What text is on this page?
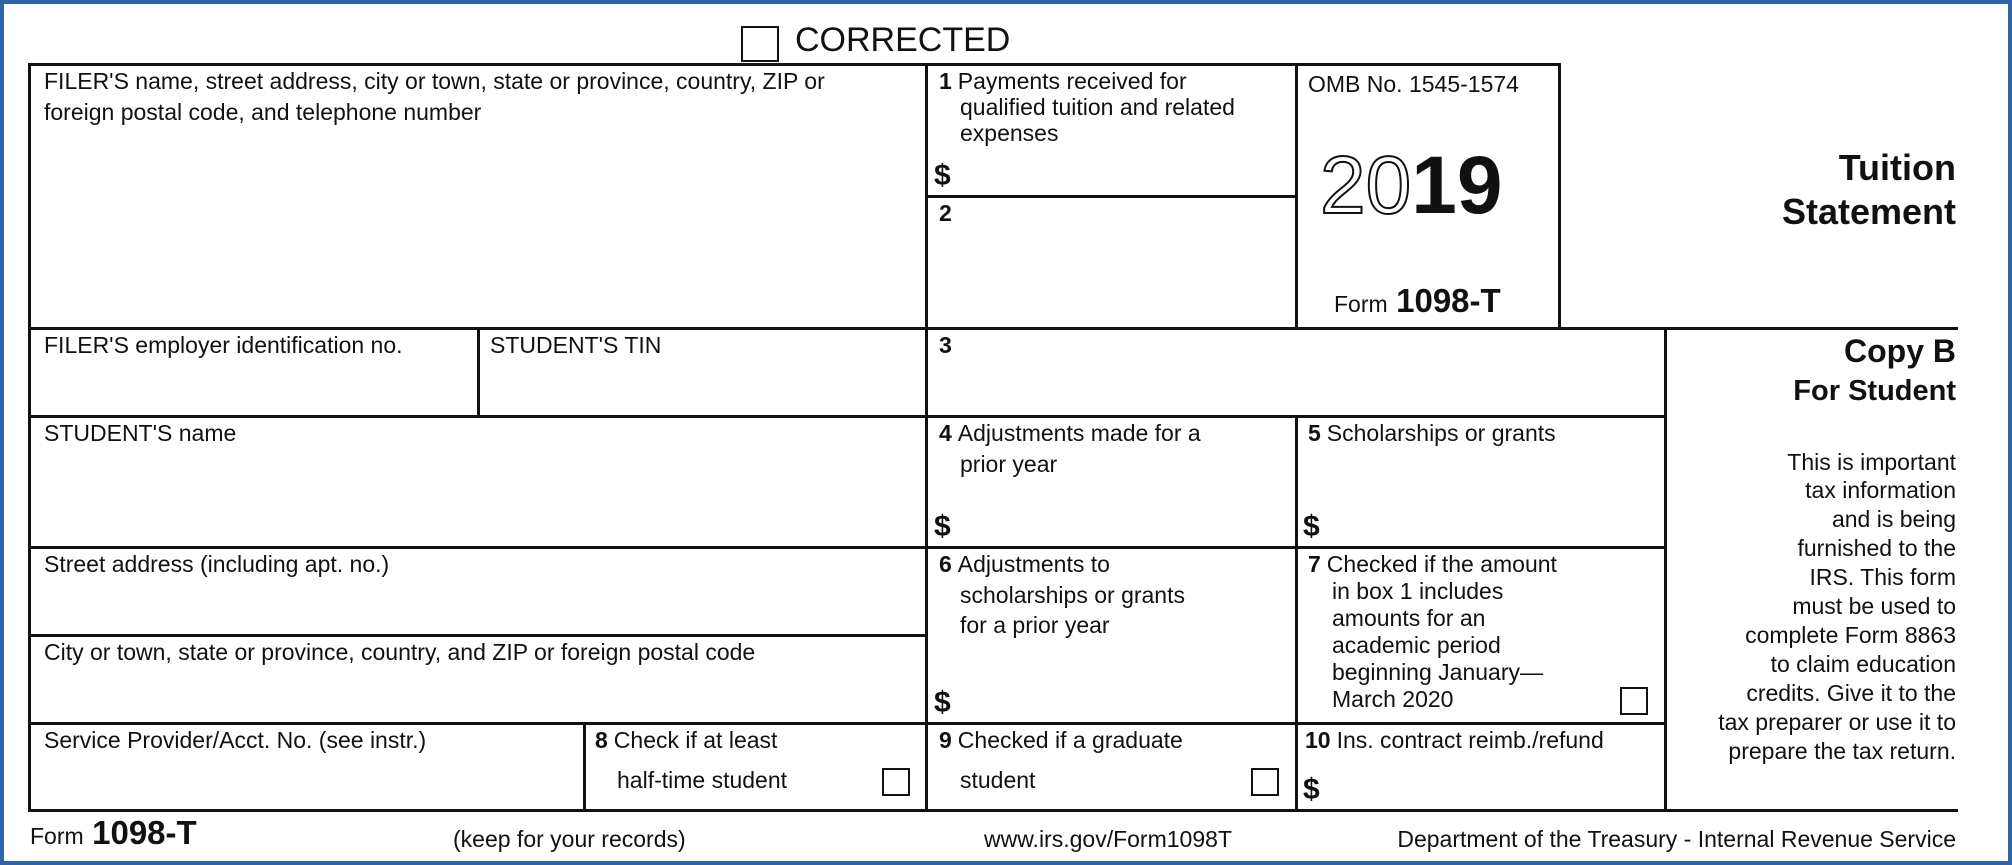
CORRECTED
FILER'S name, street address, city or town, state or province, country, ZIP or
foreign postal code, and telephone number
1 Payments received for
qualified tuition and related
expenses
$
2
OMB No. 1545-1574
2019
Form 1098-T
Tuition
Statement
FILER'S employer identification no.	STUDENT'S TIN	3	Copy B
For Student
This is important
tax information
and is being
furnished to the
IRS. This form
must be used to
complete Form 8863
to claim education
credits. Give it to the
tax preparer or use it to
prepare the tax return.
STUDENT'S name	4 Adjustments made for a
prior year
$
5 Scholarships or grants
$
Street address (including apt. no.)
City or town, state or province, country, and ZIP or foreign postal code
6 Adjustments to
scholarships or grants
for a prior year
$
7 Checked if the amount
in box 1 includes
amounts for an
academic period
beginning January—
March 2020
Service Provider/Acct. No. (see instr.)	8 Check if at least
half-time student
9 Checked if a graduate
student
10 Ins. contract reimb./refund
$
Form 1098-T	(keep for your records)	www.irs.gov/Form1098T	Department of the Treasury - Internal Revenue Service
